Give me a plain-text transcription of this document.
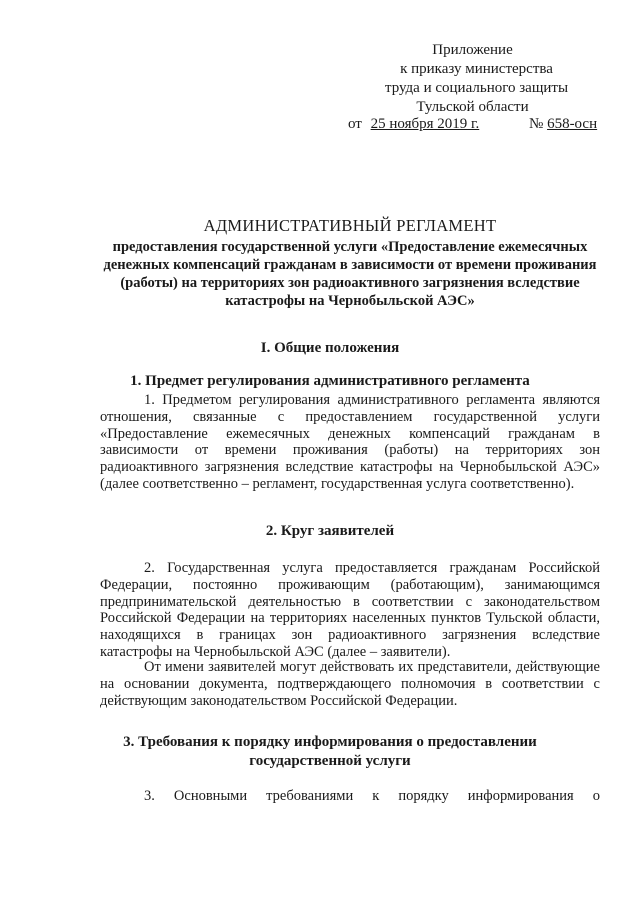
Приложение
к приказу министерства
труда и социального защиты
Тульской области
от 25 ноября 2019 г.	№ 658-осн
АДМИНИСТРАТИВНЫЙ РЕГЛАМЕНТ

предоставления государственной услуги «Предоставление ежемесячных денежных компенсаций гражданам в зависимости от времени проживания (работы) на территориях зон радиоактивного загрязнения вследствие катастрофы на Чернобыльской АЭС»

I. Общие положения
1. Предмет регулирования административного регламента

1. Предметом регулирования административного регламента являются отношения, связанные с предоставлением государственной услуги «Предоставление ежемесячных денежных компенсаций гражданам в зависимости от времени проживания (работы) на территориях зон радиоактивного загрязнения вследствие катастрофы на Чернобыльской АЭС» (далее соответственно – регламент, государственная услуга соответственно).

2. Круг заявителей

2. Государственная услуга предоставляется гражданам Российской Федерации, постоянно проживающим (работающим), занимающимся предпринимательской деятельностью в соответствии с законодательством Российской Федерации на территориях населенных пунктов Тульской области, находящихся в границах зон радиоактивного загрязнения вследствие катастрофы на Чернобыльской АЭС (далее – заявители).

От имени заявителей могут действовать их представители, действующие на основании документа, подтверждающего полномочия в соответствии с действующим законодательством Российской Федерации.

3. Требования к порядку информирования о предоставлении
государственной услуги

3. Основными требованиями к порядку информирования о
